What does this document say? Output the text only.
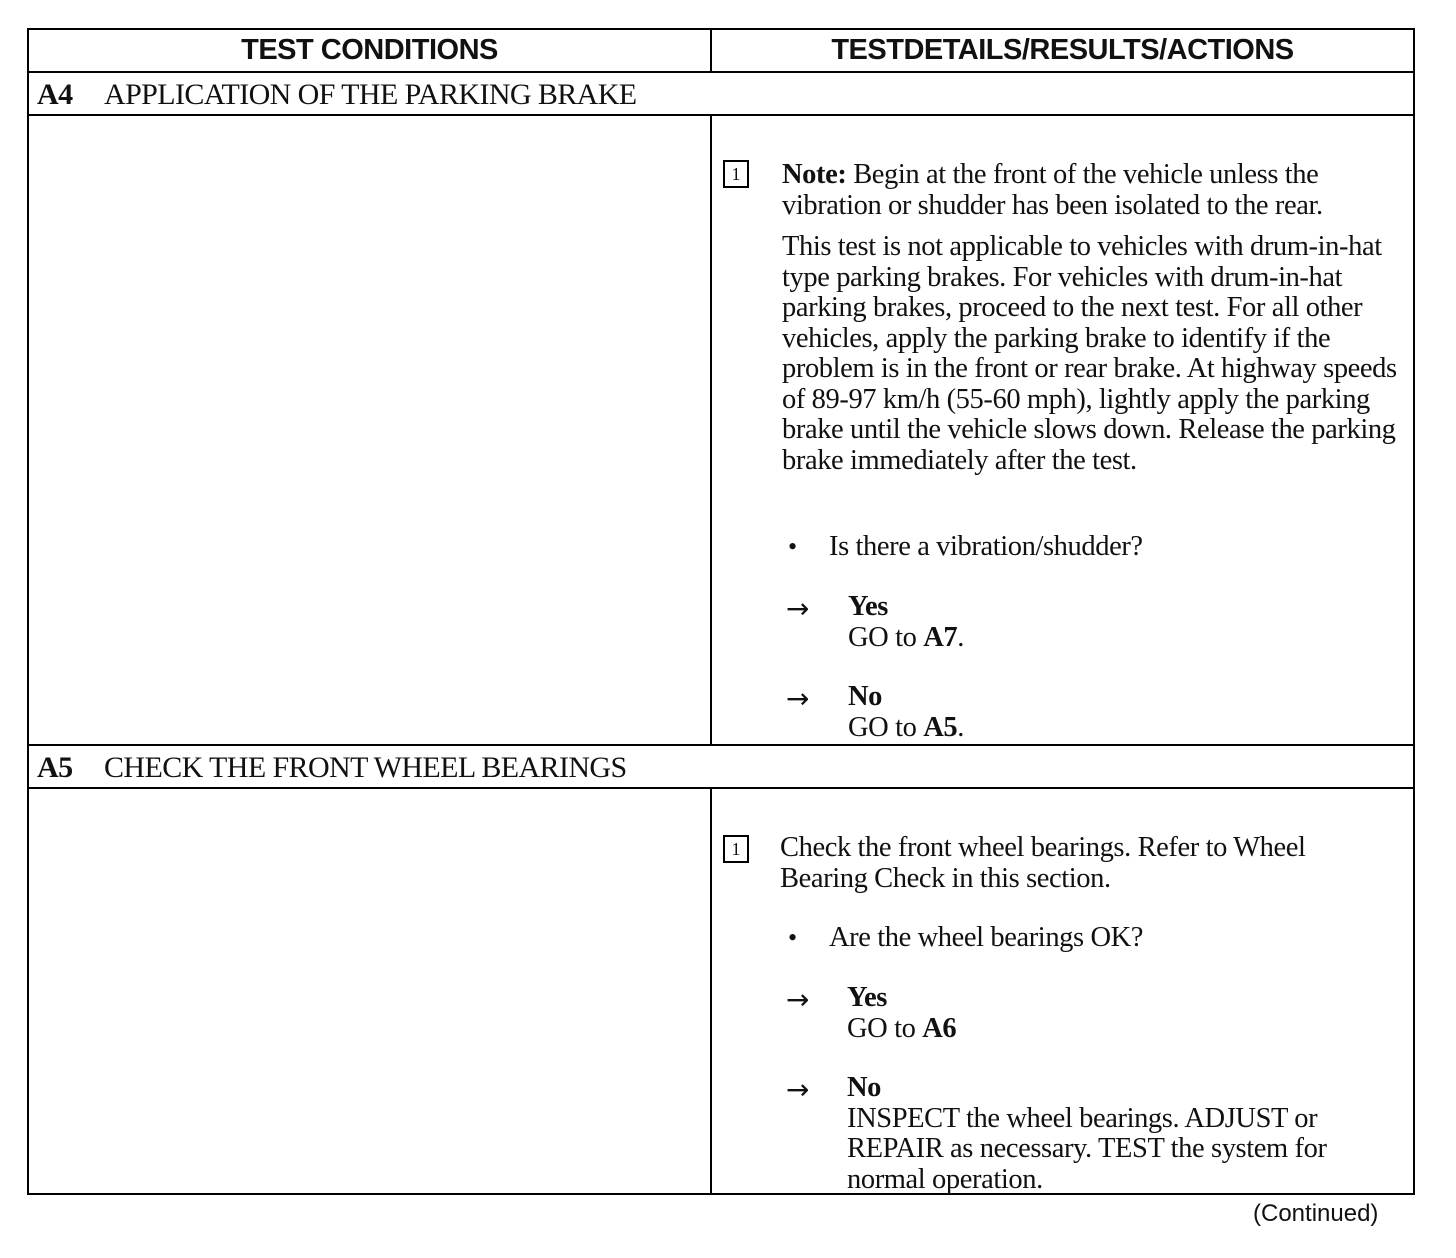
TEST CONDITIONS	TESTDETAILS/RESULTS/ACTIONS
A4 APPLICATION OF THE PARKING BRAKE
1 Note: Begin at the front of the vehicle unless the vibration or shudder has been isolated to the rear.
This test is not applicable to vehicles with drum-in-hat type parking brakes. For vehicles with drum-in-hat parking brakes, proceed to the next test. For all other vehicles, apply the parking brake to identify if the problem is in the front or rear brake. At highway speeds of 89-97 km/h (55-60 mph), lightly apply the parking brake until the vehicle slows down. Release the parking brake immediately after the test.
• Is there a vibration/shudder?
→ Yes
GO to A7.
→ No
GO to A5.
A5 CHECK THE FRONT WHEEL BEARINGS
1 Check the front wheel bearings. Refer to Wheel Bearing Check in this section.
• Are the wheel bearings OK?
→ Yes
GO to A6
→ No
INSPECT the wheel bearings. ADJUST or REPAIR as necessary. TEST the system for normal operation.
(Continued)
